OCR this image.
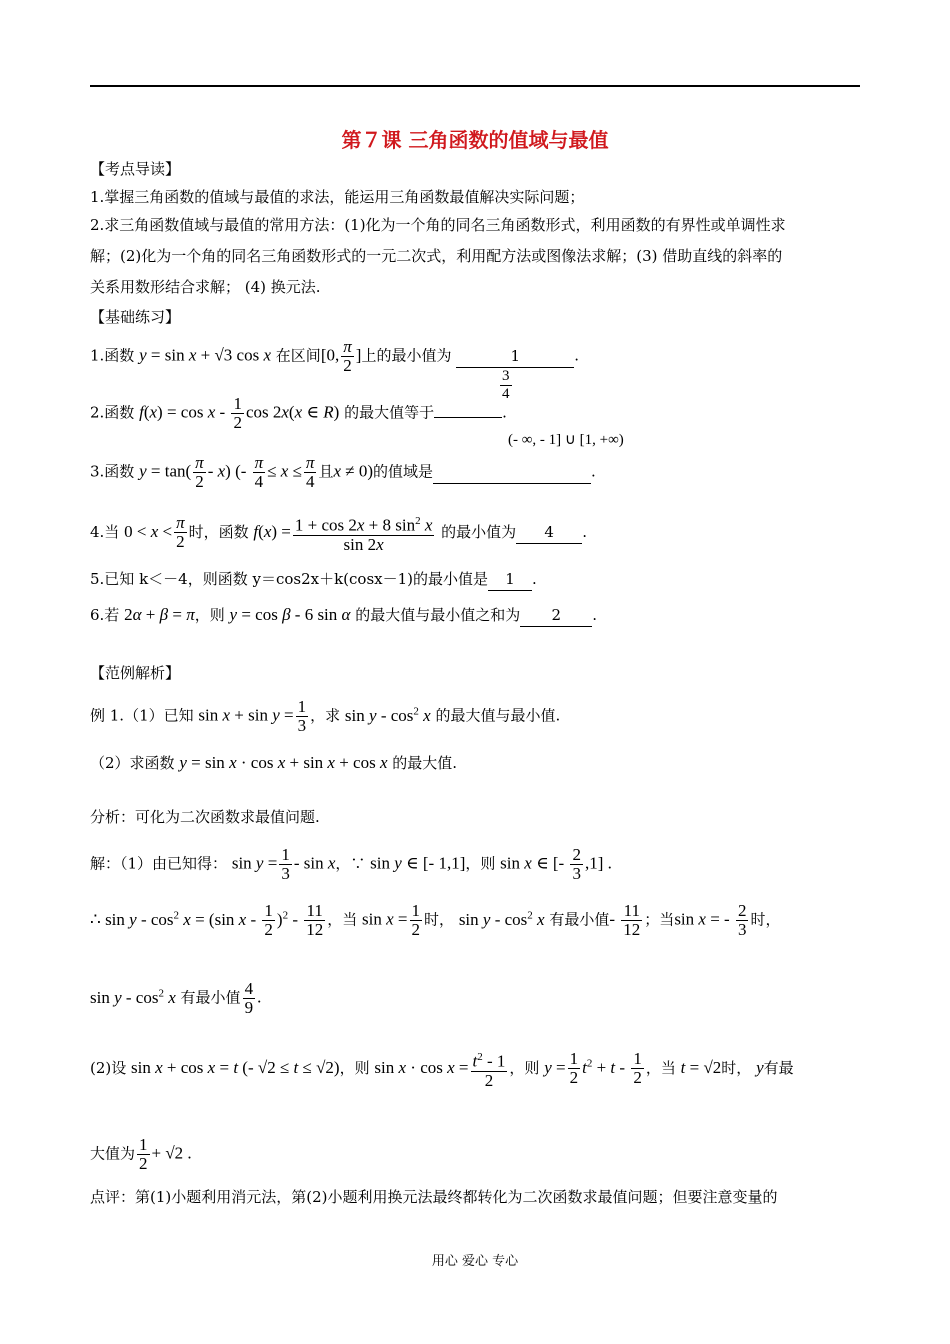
第７课 三角函数的值域与最值
【考点导读】
1.掌握三角函数的值域与最值的求法，能运用三角函数最值解决实际问题；
2.求三角函数值域与最值的常用方法：(1)化为一个角的同名三角函数形式，利用函数的有界性或单调性求
解；(2)化为一个角的同名三角函数形式的一元二次式，利用配方法或图像法求解；(3) 借助直线的斜率的
关系用数形结合求解； (4) 换元法.
【基础练习】
1.函数 y = sin x + √3 cos x 在区间[0, $\frac{\pi}{2}$ ]上的最小值为	1	.
3
4
2.函数 $f(x) = \cos x - \frac{1}{2}$ cos 2x(x ∈ R) 的最大值等于	.
(- ∞, - 1] ∪ [1, +∞)
3.函数 $y = \tan( \frac{\pi}{2} - x)$ (- $\frac{\pi}{4} \le x \le \frac{\pi}{4}$ 且x ≠ 0)的值域是	.
4.当 $0 < x < \frac{\pi}{2}$ 时，函数 $f(x) = \frac{1 + \cos 2x + 8 \sin^2 x}{\sin 2x}$ 的最小值为 4 .
5.已知 k＜－4，则函数 y＝cos2x＋k(cosx－1)的最小值是 1 .
6.若 2α + β = π，则 y = cos β - 6 sin α 的最大值与最小值之和为 2 .
【范例解析】
例 1.（1）已知 $\sin x + \sin y = \frac{1}{3}$ ，求 sin y - $\cos^2 x$ 的最大值与最小值.
（2）求函数 y = sin x · cos x + sin x + cos x 的最大值.
分析：可化为二次函数求最值问题.
解：（1）由已知得： $\sin y = \frac{1}{3} - \sin x$，∵ sin y ∈ [- 1,1]，则 sin x ∈ [- $\frac{2}{3} ,1$] .
∴ $\sin y - \cos^2 x = (\sin$ x - $\frac{1}{2} )^2 - \frac{11}{12}$ ，当 $\sin x = \frac{1}{2}$ 时， sin y - $\cos^2 x$ 有最小值- $\frac{11}{12}$ ；当sin x = - $\frac{2}{3}$ 时，
sin y - $\cos^2 x$ 有最小值 $\frac{4}{9}$ .
(2)设 sin x + cos x = t (- √2 ≤ t ≤ √2)，则 $\sin x \cdot \cos x = \frac{t^2 - 1}{2}$ ，则 $y = \frac{1}{2} t^2 + t - \frac{1}{2}$ ，当 t = √2时， y有最
大值为 $\frac{1}{2} + √2$ .
点评：第(1)小题利用消元法，第(2)小题利用换元法最终都转化为二次函数求最值问题；但要注意变量的
用心 爱心 专心
